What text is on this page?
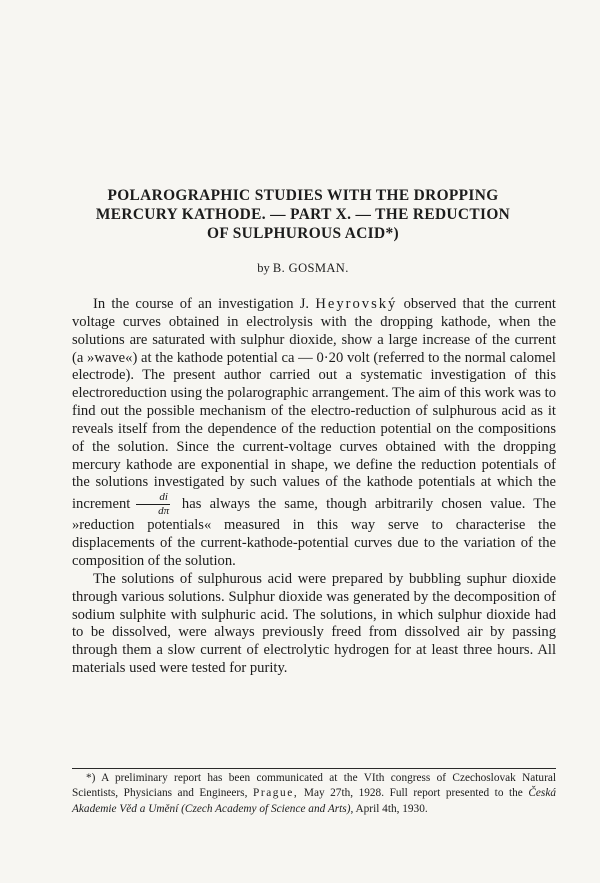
POLAROGRAPHIC STUDIES WITH THE DROPPING
MERCURY KATHODE. — PART X. — THE REDUCTION
OF SULPHUROUS ACID*)

by B. GOSMAN.

In the course of an investigation J. Heyrovský observed that the current voltage curves obtained in electrolysis with the dropping kathode, when the solutions are saturated with sulphur dioxide, show a large increase of the current (a »wave«) at the kathode potential ca — 0·20 volt (referred to the normal calomel electrode). The present author carried out a systematic investigation of this electroreduction using the polarographic arrangement. The aim of this work was to find out the possible mechanism of the electro-reduction of sulphurous acid as it reveals itself from the dependence of the reduction potential on the compositions of the solution. Since the current-voltage curves obtained with the dropping mercury kathode are exponential in shape, we define the reduction potentials of the solutions investigated by such values of the kathode potentials at which the increment $\frac{di}{d\pi}$ has always the same, though arbitrarily chosen value. The »reduction potentials« measured in this way serve to characterise the displacements of the current-kathode-potential curves due to the variation of the composition of the solution.

The solutions of sulphurous acid were prepared by bubbling suphur dioxide through various solutions. Sulphur dioxide was generated by the decomposition of sodium sulphite with sulphuric acid. The solutions, in which sulphur dioxide had to be dissolved, were always previously freed from dissolved air by passing through them a slow current of electrolytic hydrogen for at least three hours. All materials used were tested for purity.

*) A preliminary report has been communicated at the VIth congress of Czechoslovak Natural Scientists, Physicians and Engineers, Prague, May 27th, 1928. Full report presented to the Česká Akademie Věd a Umění (Czech Academy of Science and Arts), April 4th, 1930.
